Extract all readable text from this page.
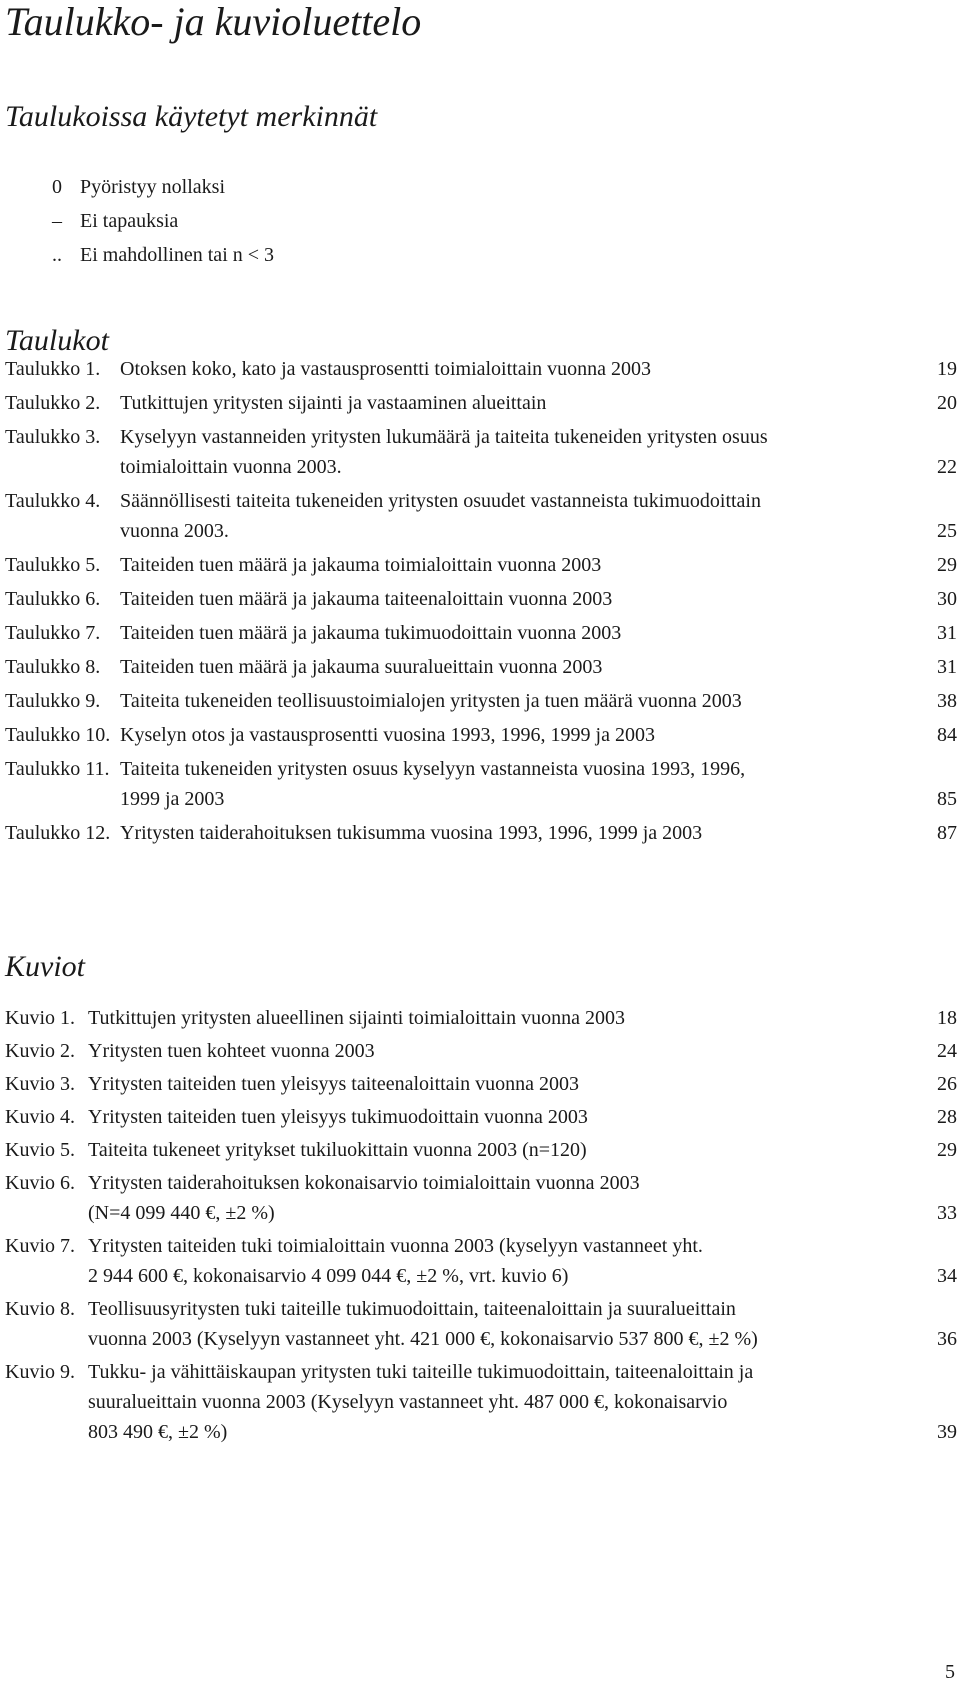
Taulukko- ja kuvioluettelo
Taulukoissa käytetyt merkinnät
0 Pyöristyy nollaksi
– Ei tapauksia
.. Ei mahdollinen tai n < 3
Taulukot
Taulukko 1. Otoksen koko, kato ja vastausprosentti toimialoittain vuonna 2003	19
Taulukko 2. Tutkittujen yritysten sijainti ja vastaaminen alueittain	20
Taulukko 3. Kyselyyn vastanneiden yritysten lukumäärä ja taiteita tukeneiden yritysten osuus
toimialoittain vuonna 2003.	22
Taulukko 4. Säännöllisesti taiteita tukeneiden yritysten osuudet vastanneista tukimuodoittain
vuonna 2003.	25
Taulukko 5. Taiteiden tuen määrä ja jakauma toimialoittain vuonna 2003	29
Taulukko 6. Taiteiden tuen määrä ja jakauma taiteenaloittain vuonna 2003	30
Taulukko 7. Taiteiden tuen määrä ja jakauma tukimuodoittain vuonna 2003	31
Taulukko 8. Taiteiden tuen määrä ja jakauma suuralueittain vuonna 2003	31
Taulukko 9. Taiteita tukeneiden teollisuustoimialojen yritysten ja tuen määrä vuonna 2003	38
Taulukko 10. Kyselyn otos ja vastausprosentti vuosina 1993, 1996, 1999 ja 2003	84
Taulukko 11. Taiteita tukeneiden yritysten osuus kyselyyn vastanneista vuosina 1993, 1996,
1999 ja 2003	85
Taulukko 12. Yritysten taiderahoituksen tukisumma vuosina 1993, 1996, 1999 ja 2003	87
Kuviot
Kuvio 1. Tutkittujen yritysten alueellinen sijainti toimialoittain vuonna 2003	18
Kuvio 2. Yritysten tuen kohteet vuonna 2003	24
Kuvio 3. Yritysten taiteiden tuen yleisyys taiteenaloittain vuonna 2003	26
Kuvio 4. Yritysten taiteiden tuen yleisyys tukimuodoittain vuonna 2003	28
Kuvio 5. Taiteita tukeneet yritykset tukiluokittain vuonna 2003 (n=120)	29
Kuvio 6. Yritysten taiderahoituksen kokonaisarvio toimialoittain vuonna 2003
(N=4 099 440 €, ±2 %)	33
Kuvio 7. Yritysten taiteiden tuki toimialoittain vuonna 2003 (kyselyyn vastanneet yht.
2 944 600 €, kokonaisarvio 4 099 044 €, ±2 %, vrt. kuvio 6)	34
Kuvio 8. Teollisuusyritysten tuki taiteille tukimuodoittain, taiteenaloittain ja suuralueittain
vuonna 2003 (Kyselyyn vastanneet yht. 421 000 €, kokonaisarvio 537 800 €, ±2 %)	36
Kuvio 9. Tukku- ja vähittäiskaupan yritysten tuki taiteille tukimuodoittain, taiteenaloittain ja
suuralueittain vuonna 2003 (Kyselyyn vastanneet yht. 487 000 €, kokonaisarvio
803 490 €, ±2 %)	39
5
